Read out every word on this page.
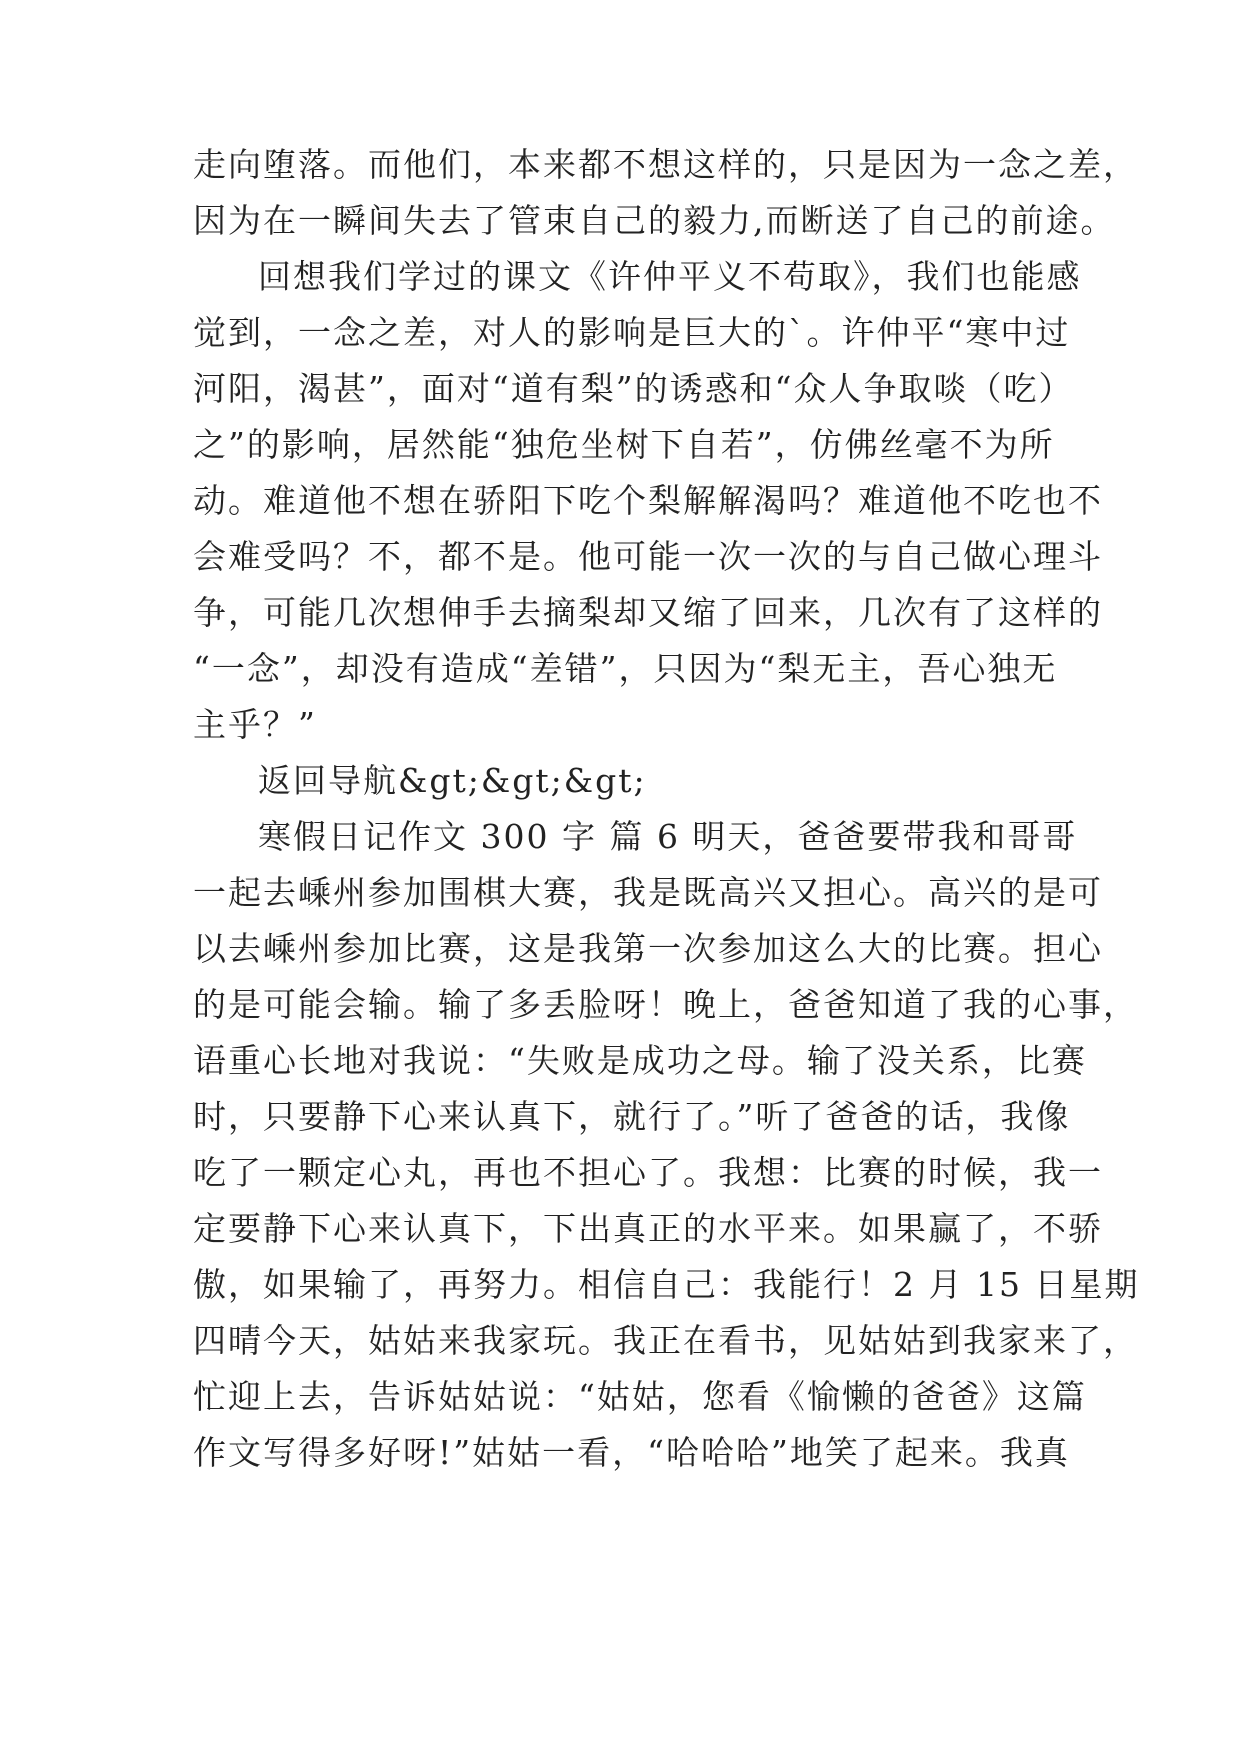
走向堕落。而他们，本来都不想这样的，只是因为一念之差，
因为在一瞬间失去了管束自己的毅力,而断送了自己的前途。
回想我们学过的课文《许仲平义不苟取》，我们也能感
觉到，一念之差，对人的影响是巨大的`。许仲平“寒中过
河阳，渴甚”，面对“道有梨”的诱惑和“众人争取啖（吃）
之”的影响，居然能“独危坐树下自若”，仿佛丝毫不为所
动。难道他不想在骄阳下吃个梨解解渴吗？难道他不吃也不
会难受吗？不，都不是。他可能一次一次的与自己做心理斗
争，可能几次想伸手去摘梨却又缩了回来，几次有了这样的
“一念”，却没有造成“差错”，只因为“梨无主，吾心独无
主乎？”
返回导航&gt;&gt;&gt;
寒假日记作文 300 字 篇 6 明天，爸爸要带我和哥哥
一起去嵊州参加围棋大赛，我是既高兴又担心。高兴的是可
以去嵊州参加比赛，这是我第一次参加这么大的比赛。担心
的是可能会输。输了多丢脸呀！晚上，爸爸知道了我的心事，
语重心长地对我说：“失败是成功之母。输了没关系，比赛
时，只要静下心来认真下，就行了。”听了爸爸的话，我像
吃了一颗定心丸，再也不担心了。我想：比赛的时候，我一
定要静下心来认真下，下出真正的水平来。如果赢了，不骄
傲，如果输了，再努力。相信自己：我能行！2 月 15 日星期
四晴今天，姑姑来我家玩。我正在看书，见姑姑到我家来了，
忙迎上去，告诉姑姑说：“姑姑，您看《愉懒的爸爸》这篇
作文写得多好呀!”姑姑一看，“哈哈哈”地笑了起来。我真
